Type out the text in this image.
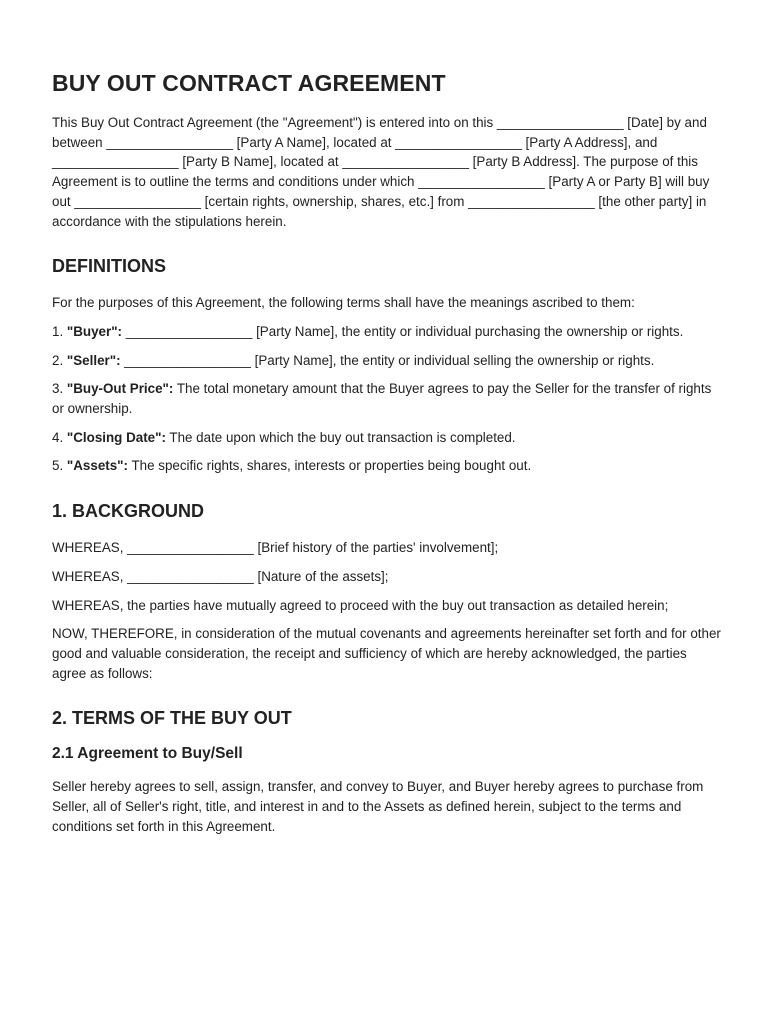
BUY OUT CONTRACT AGREEMENT

This Buy Out Contract Agreement (the "Agreement") is entered into on this _________________ [Date] by and between _________________ [Party A Name], located at _________________ [Party A Address], and _________________ [Party B Name], located at _________________ [Party B Address]. The purpose of this Agreement is to outline the terms and conditions under which _________________ [Party A or Party B] will buy out _________________ [certain rights, ownership, shares, etc.] from _________________ [the other party] in accordance with the stipulations herein.

DEFINITIONS

For the purposes of this Agreement, the following terms shall have the meanings ascribed to them:

1. "Buyer": _________________ [Party Name], the entity or individual purchasing the ownership or rights.

2. "Seller": _________________ [Party Name], the entity or individual selling the ownership or rights.

3. "Buy-Out Price": The total monetary amount that the Buyer agrees to pay the Seller for the transfer of rights or ownership.

4. "Closing Date": The date upon which the buy out transaction is completed.

5. "Assets": The specific rights, shares, interests or properties being bought out.

1. BACKGROUND

WHEREAS, _________________ [Brief history of the parties' involvement];

WHEREAS, _________________ [Nature of the assets];

WHEREAS, the parties have mutually agreed to proceed with the buy out transaction as detailed herein;

NOW, THEREFORE, in consideration of the mutual covenants and agreements hereinafter set forth and for other good and valuable consideration, the receipt and sufficiency of which are hereby acknowledged, the parties agree as follows:

2. TERMS OF THE BUY OUT
2.1 Agreement to Buy/Sell

Seller hereby agrees to sell, assign, transfer, and convey to Buyer, and Buyer hereby agrees to purchase from Seller, all of Seller's right, title, and interest in and to the Assets as defined herein, subject to the terms and conditions set forth in this Agreement.
